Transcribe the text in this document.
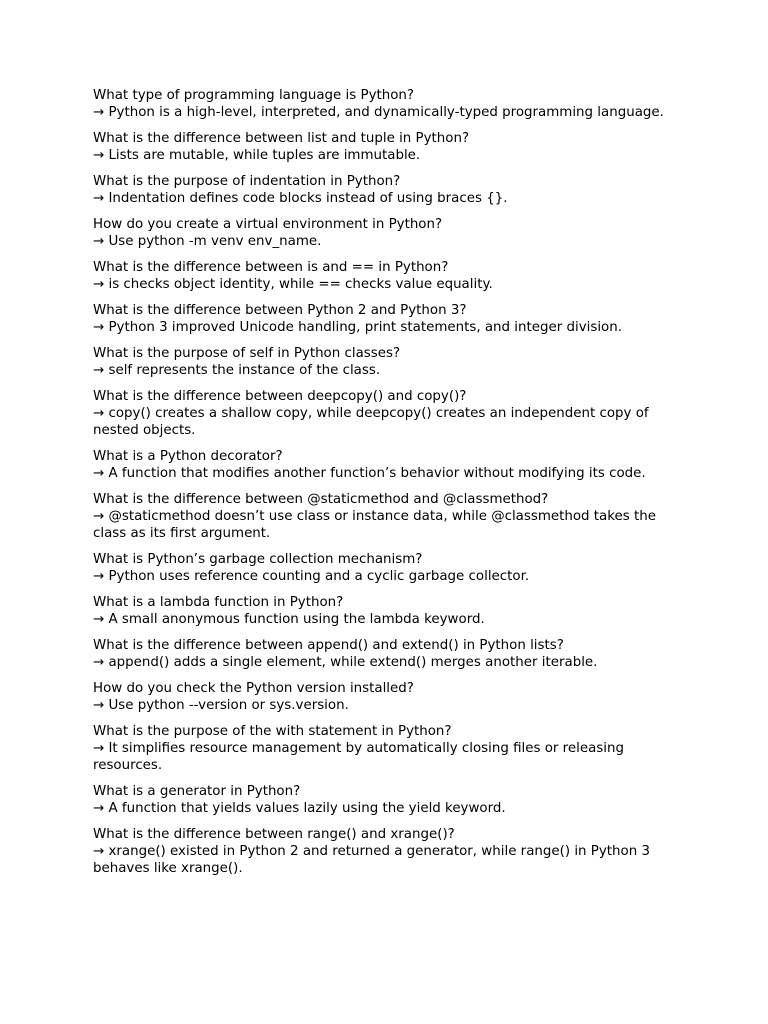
What type of programming language is Python?

→ Python is a high-level, interpreted, and dynamically-typed programming language.

What is the difference between list and tuple in Python?

→ Lists are mutable, while tuples are immutable.

What is the purpose of indentation in Python?

→ Indentation defines code blocks instead of using braces {}.

How do you create a virtual environment in Python?

→ Use python -m venv env_name.

What is the difference between is and == in Python?

→ is checks object identity, while == checks value equality.

What is the difference between Python 2 and Python 3?

→ Python 3 improved Unicode handling, print statements, and integer division.

What is the purpose of self in Python classes?

→ self represents the instance of the class.

What is the difference between deepcopy() and copy()?

→ copy() creates a shallow copy, while deepcopy() creates an independent copy of nested objects.

What is a Python decorator?

→ A function that modifies another function’s behavior without modifying its code.

What is the difference between @staticmethod and @classmethod?

→ @staticmethod doesn’t use class or instance data, while @classmethod takes the class as its first argument.

What is Python’s garbage collection mechanism?

→ Python uses reference counting and a cyclic garbage collector.

What is a lambda function in Python?

→ A small anonymous function using the lambda keyword.

What is the difference between append() and extend() in Python lists?

→ append() adds a single element, while extend() merges another iterable.

How do you check the Python version installed?

→ Use python --version or sys.version.

What is the purpose of the with statement in Python?

→ It simplifies resource management by automatically closing files or releasing resources.

What is a generator in Python?

→ A function that yields values lazily using the yield keyword.

What is the difference between range() and xrange()?

→ xrange() existed in Python 2 and returned a generator, while range() in Python 3 behaves like xrange().
